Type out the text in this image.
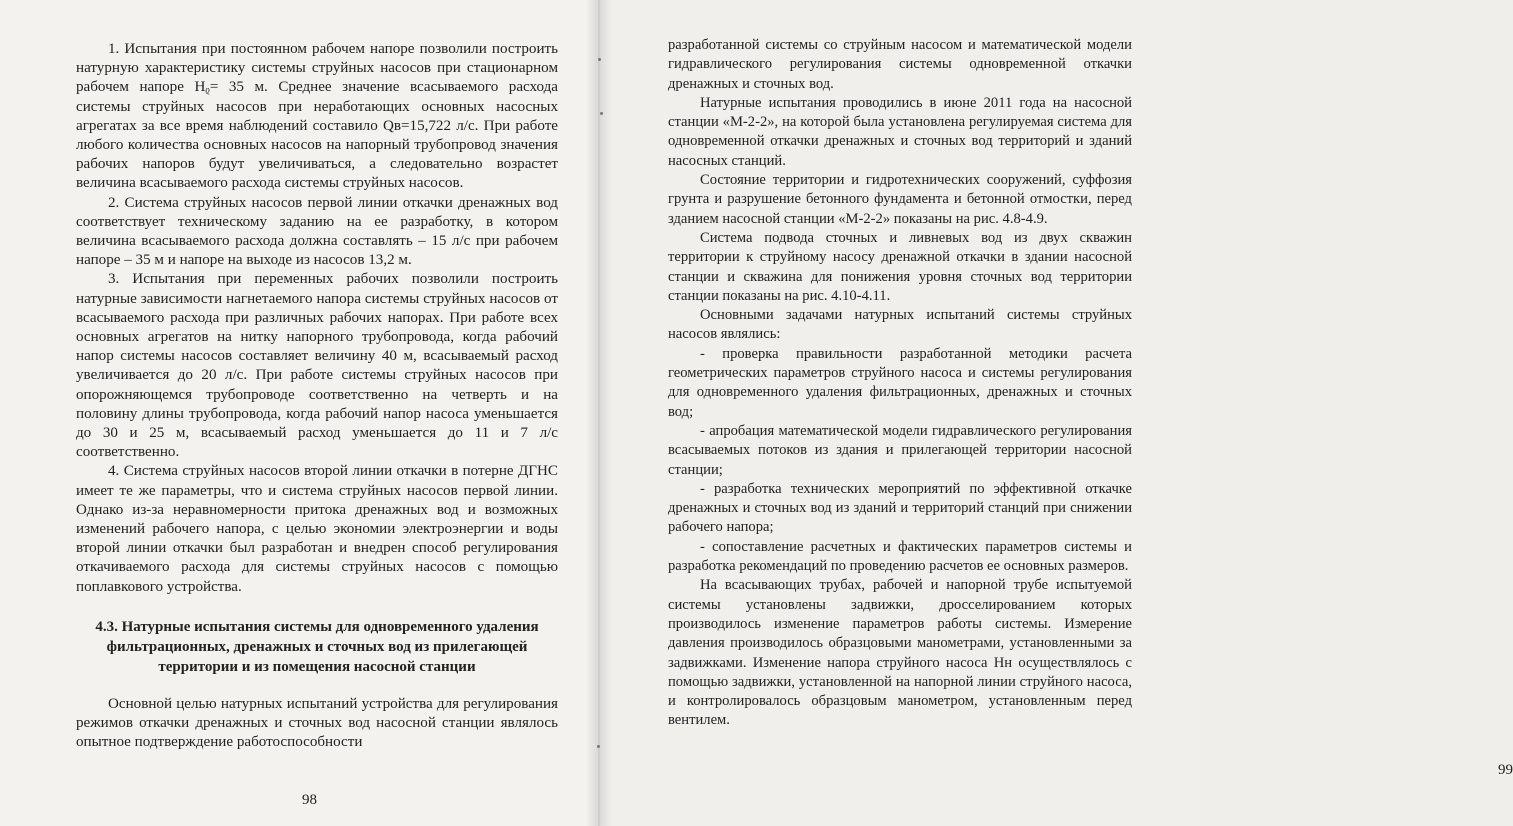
1. Испытания при постоянном рабочем напоре позволили построить натурную характеристику системы струйных насосов при стационарном рабочем напоре Hᵨ= 35 м. Среднее значение всасываемого расхода системы струйных насосов при неработающих основных насосных агрегатах за все время наблюдений составило Qʙ=15,722 л/с. При работе любого количества основных насосов на напорный трубопровод значения рабочих напоров будут увеличиваться, а следовательно возрастет величина всасываемого расхода системы струйных насосов.

2. Система струйных насосов первой линии откачки дренажных вод соответствует техническому заданию на ее разработку, в котором величина всасываемого расхода должна составлять – 15 л/с при рабочем напоре – 35 м и напоре на выходе из насосов 13,2 м.

3. Испытания при переменных рабочих позволили построить натурные зависимости нагнетаемого напора системы струйных насосов от всасываемого расхода при различных рабочих напорах. При работе всех основных агрегатов на нитку напорного трубопровода, когда рабочий напор системы насосов составляет величину 40 м, всасываемый расход увеличивается до 20 л/с. При работе системы струйных насосов при опорожняющемся трубопроводе соответственно на четверть и на половину длины трубопровода, когда рабочий напор насоса уменьшается до 30 и 25 м, всасываемый расход уменьшается до 11 и 7 л/с соответственно.

4. Система струйных насосов второй линии откачки в потерне ДГНС имеет те же параметры, что и система струйных насосов первой линии. Однако из-за неравномерности притока дренажных вод и возможных изменений рабочего напора, с целью экономии электроэнергии и воды второй линии откачки был разработан и внедрен способ регулирования откачиваемого расхода для системы струйных насосов с помощью поплавкового устройства.

4.3. Натурные испытания системы для одновременного удаления фильтрационных, дренажных и сточных вод из прилегающей территории и из помещения насосной станции

Основной целью натурных испытаний устройства для регулирования режимов откачки дренажных и сточных вод насосной станции являлось опытное подтверждение работоспособности

98

разработанной системы со струйным насосом и математической модели гидравлического регулирования системы одновременной откачки дренажных и сточных вод.

Натурные испытания проводились в июне 2011 года на насосной станции «М-2-2», на которой была установлена регулируемая система для одновременной откачки дренажных и сточных вод территорий и зданий насосных станций.

Состояние территории и гидротехнических сооружений, суффозия грунта и разрушение бетонного фундамента и бетонной отмостки, перед зданием насосной станции «М-2-2» показаны на рис. 4.8-4.9.

Система подвода сточных и ливневых вод из двух скважин территории к струйному насосу дренажной откачки в здании насосной станции и скважина для понижения уровня сточных вод территории станции показаны на рис. 4.10-4.11.

Основными задачами натурных испытаний системы струйных насосов являлись:

- проверка правильности разработанной методики расчета геометрических параметров струйного насоса и системы регулирования для одновременного удаления фильтрационных, дренажных и сточных вод;

- апробация математической модели гидравлического регулирования всасываемых потоков из здания и прилегающей территории насосной станции;

- разработка технических мероприятий по эффективной откачке дренажных и сточных вод из зданий и территорий станций при снижении рабочего напора;

- сопоставление расчетных и фактических параметров системы и разработка рекомендаций по проведению расчетов ее основных размеров.

На всасывающих трубах, рабочей и напорной трубе испытуемой системы установлены задвижки, дросселированием которых производилось изменение параметров работы системы. Измерение давления производилось образцовыми манометрами, установленными за задвижками. Изменение напора струйного насоса Hʜ осуществлялось с помощью задвижки, установленной на напорной линии струйного насоса, и контролировалось образцовым манометром, установленным перед вентилем.

99
